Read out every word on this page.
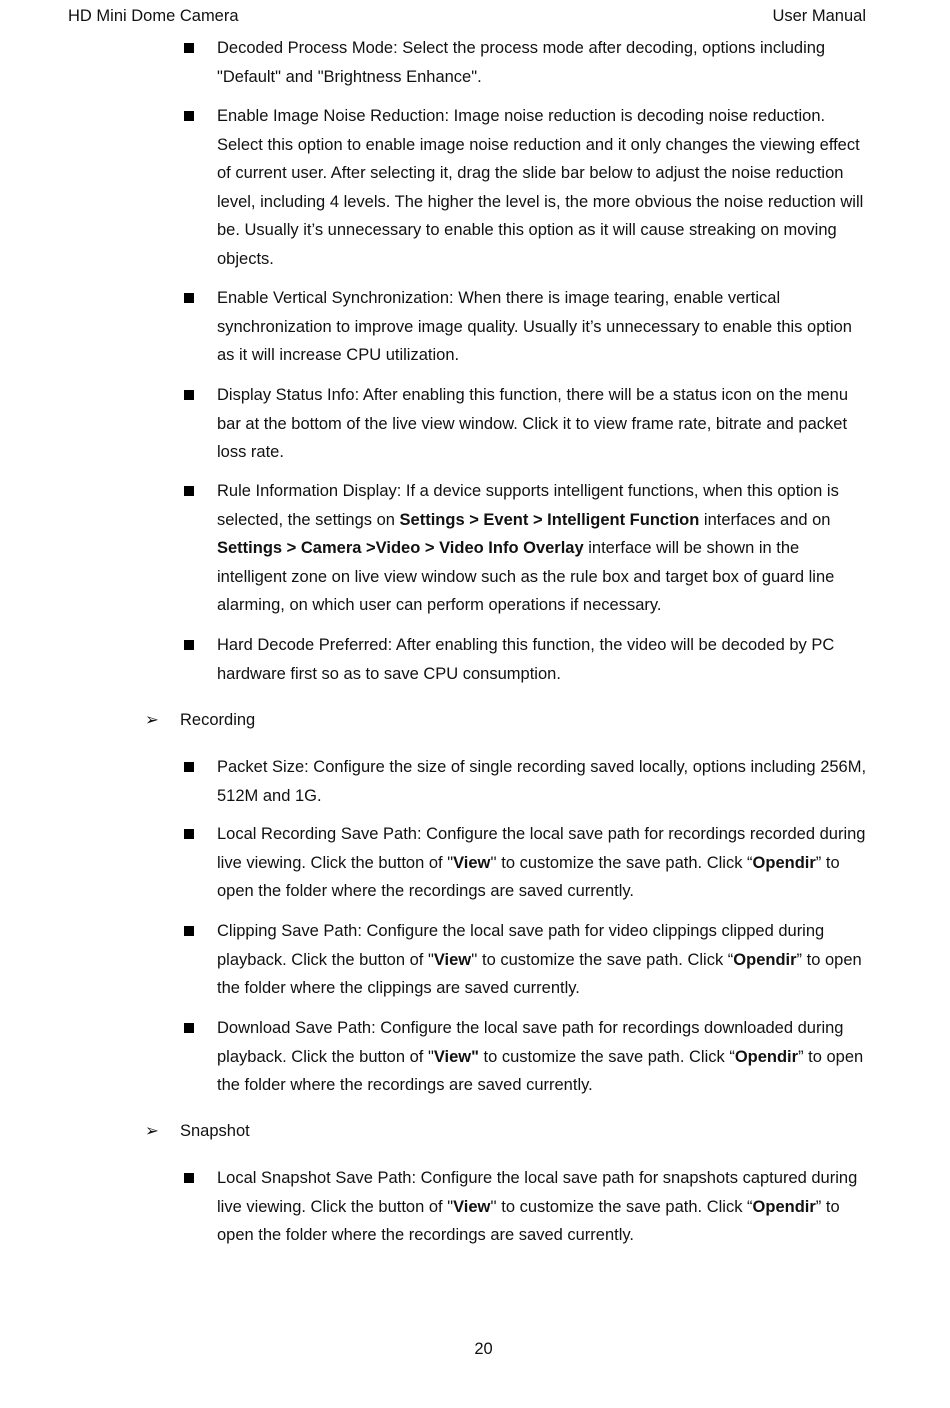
HD Mini Dome Camera	User Manual

Decoded Process Mode: Select the process mode after decoding, options including "Default" and "Brightness Enhance".

Enable Image Noise Reduction: Image noise reduction is decoding noise reduction. Select this option to enable image noise reduction and it only changes the viewing effect of current user. After selecting it, drag the slide bar below to adjust the noise reduction level, including 4 levels. The higher the level is, the more obvious the noise reduction will be. Usually it’s unnecessary to enable this option as it will cause streaking on moving objects.

Enable Vertical Synchronization: When there is image tearing, enable vertical synchronization to improve image quality. Usually it’s unnecessary to enable this option as it will increase CPU utilization.

Display Status Info: After enabling this function, there will be a status icon on the menu bar at the bottom of the live view window. Click it to view frame rate, bitrate and packet loss rate.

Rule Information Display: If a device supports intelligent functions, when this option is selected, the settings on Settings > Event > Intelligent Function interfaces and on Settings > Camera >Video > Video Info Overlay interface will be shown in the intelligent zone on live view window such as the rule box and target box of guard line alarming, on which user can perform operations if necessary.

Hard Decode Preferred: After enabling this function, the video will be decoded by PC hardware first so as to save CPU consumption.

➢ Recording

Packet Size: Configure the size of single recording saved locally, options including 256M, 512M and 1G.

Local Recording Save Path: Configure the local save path for recordings recorded during live viewing. Click the button of "View'' to customize the save path. Click “Opendir” to open the folder where the recordings are saved currently.

Clipping Save Path: Configure the local save path for video clippings clipped during playback. Click the button of "View'' to customize the save path. Click “Opendir” to open the folder where the clippings are saved currently.

Download Save Path: Configure the local save path for recordings downloaded during playback. Click the button of "View" to customize the save path. Click “Opendir” to open the folder where the recordings are saved currently.

➢ Snapshot

Local Snapshot Save Path: Configure the local save path for snapshots captured during live viewing. Click the button of "View'' to customize the save path. Click “Opendir” to open the folder where the recordings are saved currently.

20
